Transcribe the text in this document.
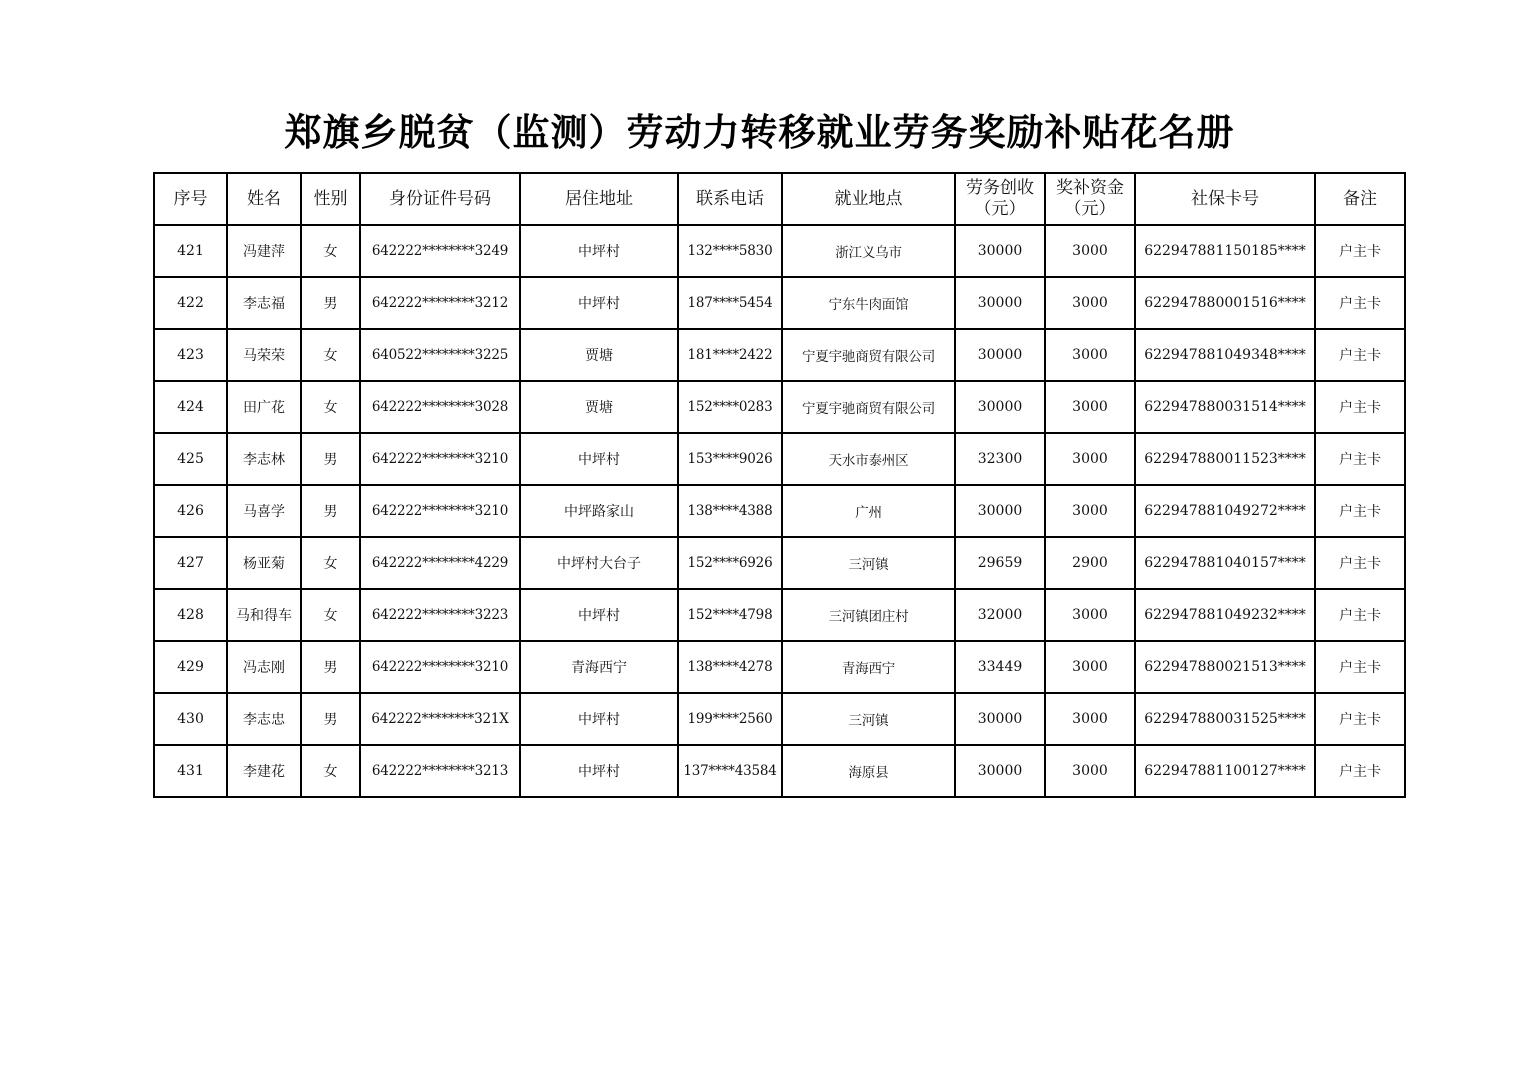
郑旗乡脱贫（监测）劳动力转移就业劳务奖励补贴花名册
序号	姓名	性别	身份证件号码	居住地址	联系电话	就业地点	劳务创收（元）	奖补资金（元）	社保卡号	备注
421	冯建萍	女	642222********3249	中坪村	132****5830	浙江义乌市	30000	3000	622947881150185****	户主卡
422	李志福	男	642222********3212	中坪村	187****5454	宁东牛肉面馆	30000	3000	622947880001516****	户主卡
423	马荣荣	女	640522********3225	贾塘	181****2422	宁夏宇驰商贸有限公司	30000	3000	622947881049348****	户主卡
424	田广花	女	642222********3028	贾塘	152****0283	宁夏宇驰商贸有限公司	30000	3000	622947880031514****	户主卡
425	李志林	男	642222********3210	中坪村	153****9026	天水市泰州区	32300	3000	622947880011523****	户主卡
426	马喜学	男	642222********3210	中坪路家山	138****4388	广州	30000	3000	622947881049272****	户主卡
427	杨亚菊	女	642222********4229	中坪村大台子	152****6926	三河镇	29659	2900	622947881040157****	户主卡
428	马和得车	女	642222********3223	中坪村	152****4798	三河镇团庄村	32000	3000	622947881049232****	户主卡
429	冯志刚	男	642222********3210	青海西宁	138****4278	青海西宁	33449	3000	622947880021513****	户主卡
430	李志忠	男	642222********321X	中坪村	199****2560	三河镇	30000	3000	622947880031525****	户主卡
431	李建花	女	642222********3213	中坪村	137****43584	海原县	30000	3000	622947881100127****	户主卡
